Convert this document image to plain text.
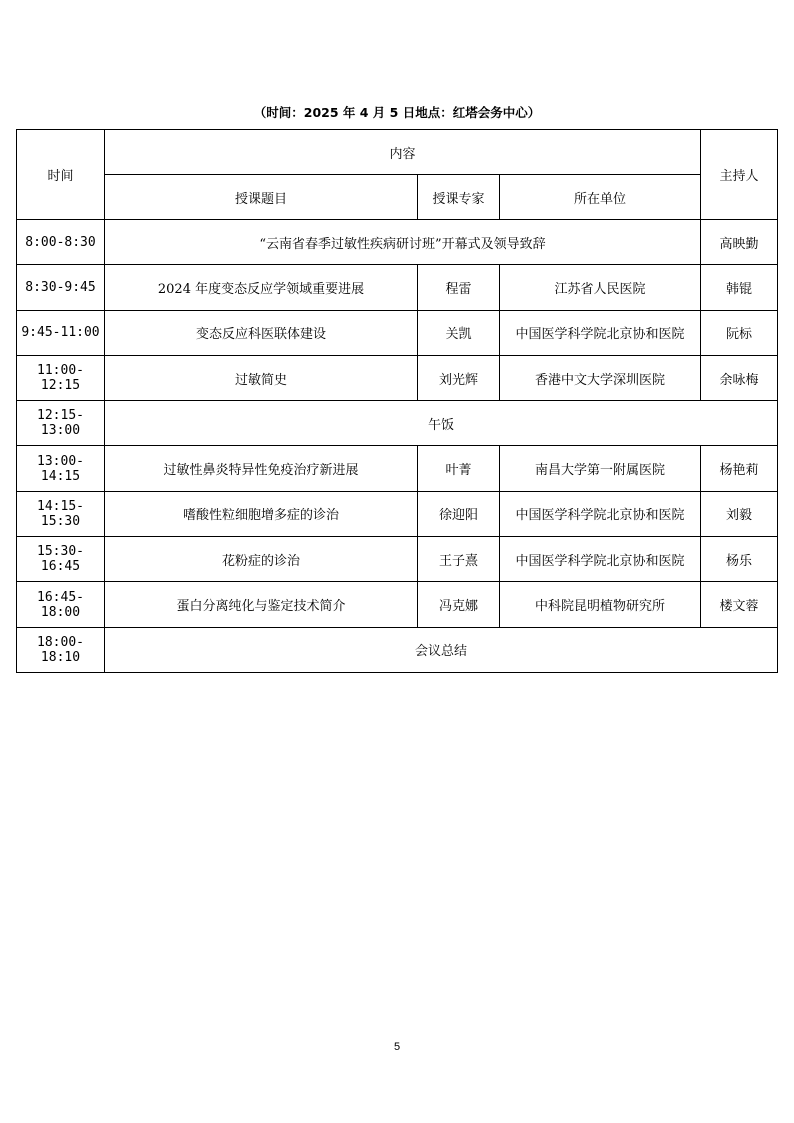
（时间：2025 年 4 月 5 日地点：红塔会务中心）
时间	内容			主持人
	授课题目	授课专家	所在单位	
8:00-8:30	“云南省春季过敏性疾病研讨班”开幕式及领导致辞			高映勤
8:30-9:45	2024 年度变态反应学领域重要进展	程雷	江苏省人民医院	韩锟
9:45-11:00	变态反应科医联体建设	关凯	中国医学科学院北京协和医院	阮标
11:00-12:15	过敏简史	刘光辉	香港中文大学深圳医院	余咏梅
12:15-13:00	午饭			
13:00-14:15	过敏性鼻炎特异性免疫治疗新进展	叶菁	南昌大学第一附属医院	杨艳莉
14:15-15:30	嗜酸性粒细胞增多症的诊治	徐迎阳	中国医学科学院北京协和医院	刘毅
15:30-16:45	花粉症的诊治	王子熹	中国医学科学院北京协和医院	杨乐
16:45-18:00	蛋白分离纯化与鉴定技术简介	冯克娜	中科院昆明植物研究所	楼文蓉
18:00-18:10	会议总结			
5
